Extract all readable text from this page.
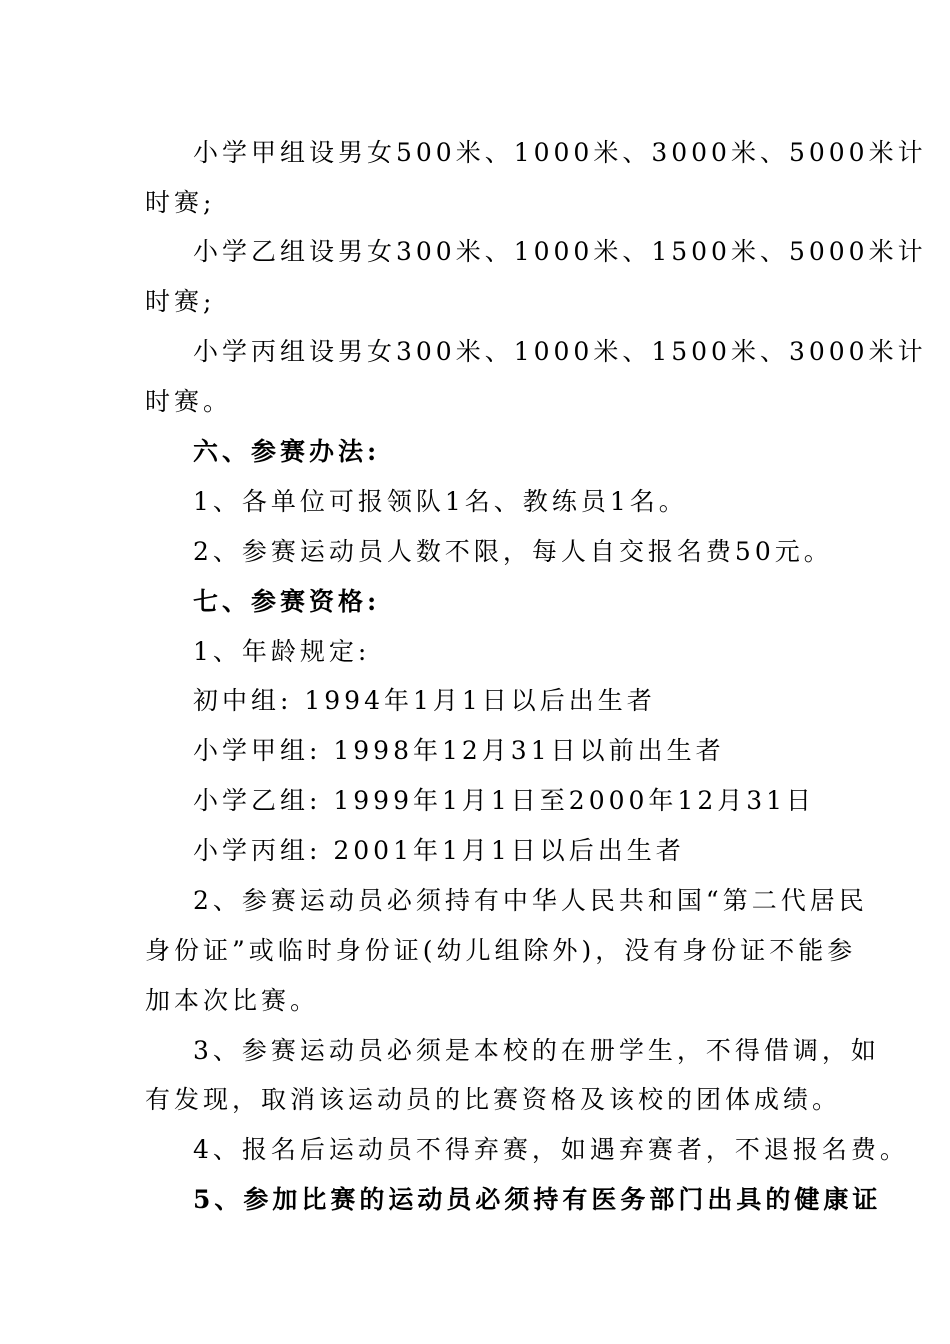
小学甲组设男女500米、1000米、3000米、5000米计
时赛;
小学乙组设男女300米、1000米、1500米、5000米计
时赛;
小学丙组设男女300米、1000米、1500米、3000米计
时赛。
六、参赛办法:
1、各单位可报领队1名、教练员1名。
2、参赛运动员人数不限，每人自交报名费50元。
七、参赛资格:
1、年龄规定:
初中组: 1994年1月1日以后出生者
小学甲组: 1998年12月31日以前出生者
小学乙组: 1999年1月1日至2000年12月31日
小学丙组: 2001年1月1日以后出生者
2、参赛运动员必须持有中华人民共和国“第二代居民
身份证”或临时身份证(幼儿组除外)，没有身份证不能参
加本次比赛。
3、参赛运动员必须是本校的在册学生，不得借调，如
有发现，取消该运动员的比赛资格及该校的团体成绩。
4、报名后运动员不得弃赛，如遇弃赛者，不退报名费。
5、参加比赛的运动员必须持有医务部门出具的健康证
